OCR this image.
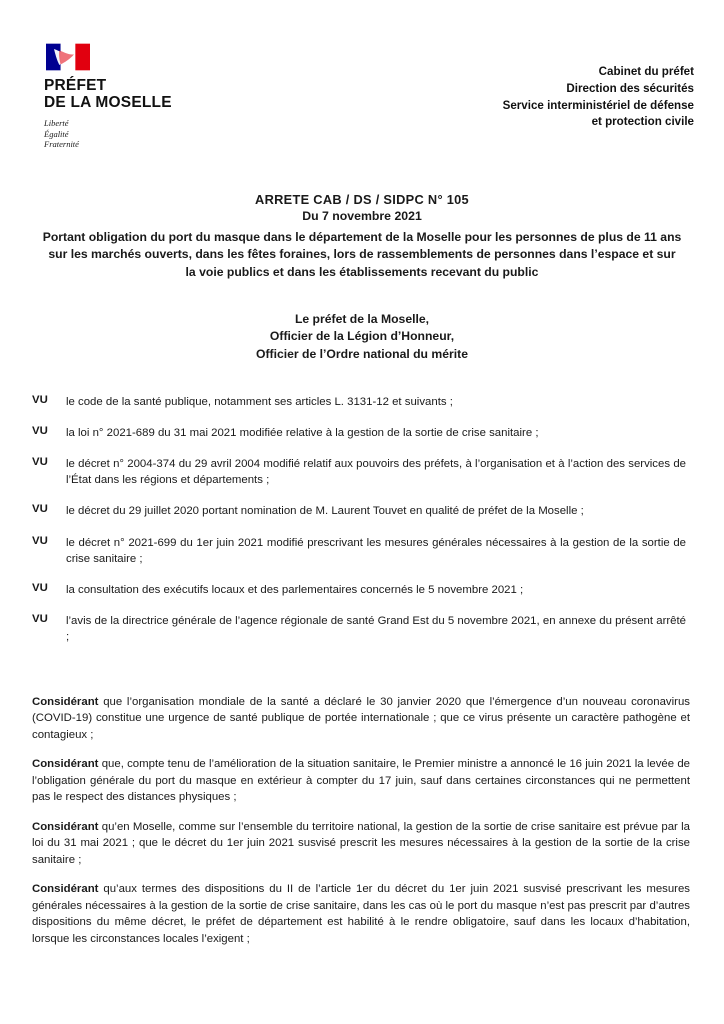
PRÉFET
DE LA MOSELLE
Liberté
Égalité
Fraternité
Cabinet du préfet
Direction des sécurités
Service interministériel de défense
et protection civile
ARRETE CAB / DS / SIDPC N° 105
Du 7 novembre 2021
Portant obligation du port du masque dans le département de la Moselle pour les personnes de plus de 11 ans sur les marchés ouverts, dans les fêtes foraines, lors de rassemblements de personnes dans l’espace et sur la voie publics et dans les établissements recevant du public
Le préfet de la Moselle,
Officier de la Légion d’Honneur,
Officier de l’Ordre national du mérite
VU	le code de la santé publique, notamment ses articles L. 3131-12 et suivants ;
VU	la loi n° 2021-689 du 31 mai 2021 modifiée relative à la gestion de la sortie de crise sanitaire ;
VU	le décret n° 2004-374 du 29 avril 2004 modifié relatif aux pouvoirs des préfets, à l’organisation et à l’action des services de l’État dans les régions et départements ;
VU	le décret du 29 juillet 2020 portant nomination de M. Laurent Touvet en qualité de préfet de la Moselle ;
VU	le décret n° 2021-699 du 1er juin 2021 modifié prescrivant les mesures générales nécessaires à la gestion de la sortie de crise sanitaire ;
VU	la consultation des exécutifs locaux et des parlementaires concernés le 5 novembre 2021 ;
VU	l’avis de la directrice générale de l’agence régionale de santé Grand Est du 5 novembre 2021, en annexe du présent arrêté ;

Considérant que l’organisation mondiale de la santé a déclaré le 30 janvier 2020 que l’émergence d’un nouveau coronavirus (COVID-19) constitue une urgence de santé publique de portée internationale ; que ce virus présente un caractère pathogène et contagieux ;

Considérant que, compte tenu de l’amélioration de la situation sanitaire, le Premier ministre a annoncé le 16 juin 2021 la levée de l’obligation générale du port du masque en extérieur à compter du 17 juin, sauf dans certaines circonstances qui ne permettent pas le respect des distances physiques ;

Considérant qu’en Moselle, comme sur l’ensemble du territoire national, la gestion de la sortie de crise sanitaire est prévue par la loi du 31 mai 2021 ; que le décret du 1er juin 2021 susvisé prescrit les mesures nécessaires à la gestion de la sortie de la crise sanitaire ;

Considérant qu’aux termes des dispositions du II de l’article 1er du décret du 1er juin 2021 susvisé prescrivant les mesures générales nécessaires à la gestion de la sortie de crise sanitaire, dans les cas où le port du masque n’est pas prescrit par d’autres dispositions du même décret, le préfet de département est habilité à le rendre obligatoire, sauf dans les locaux d’habitation, lorsque les circonstances locales l’exigent ;
